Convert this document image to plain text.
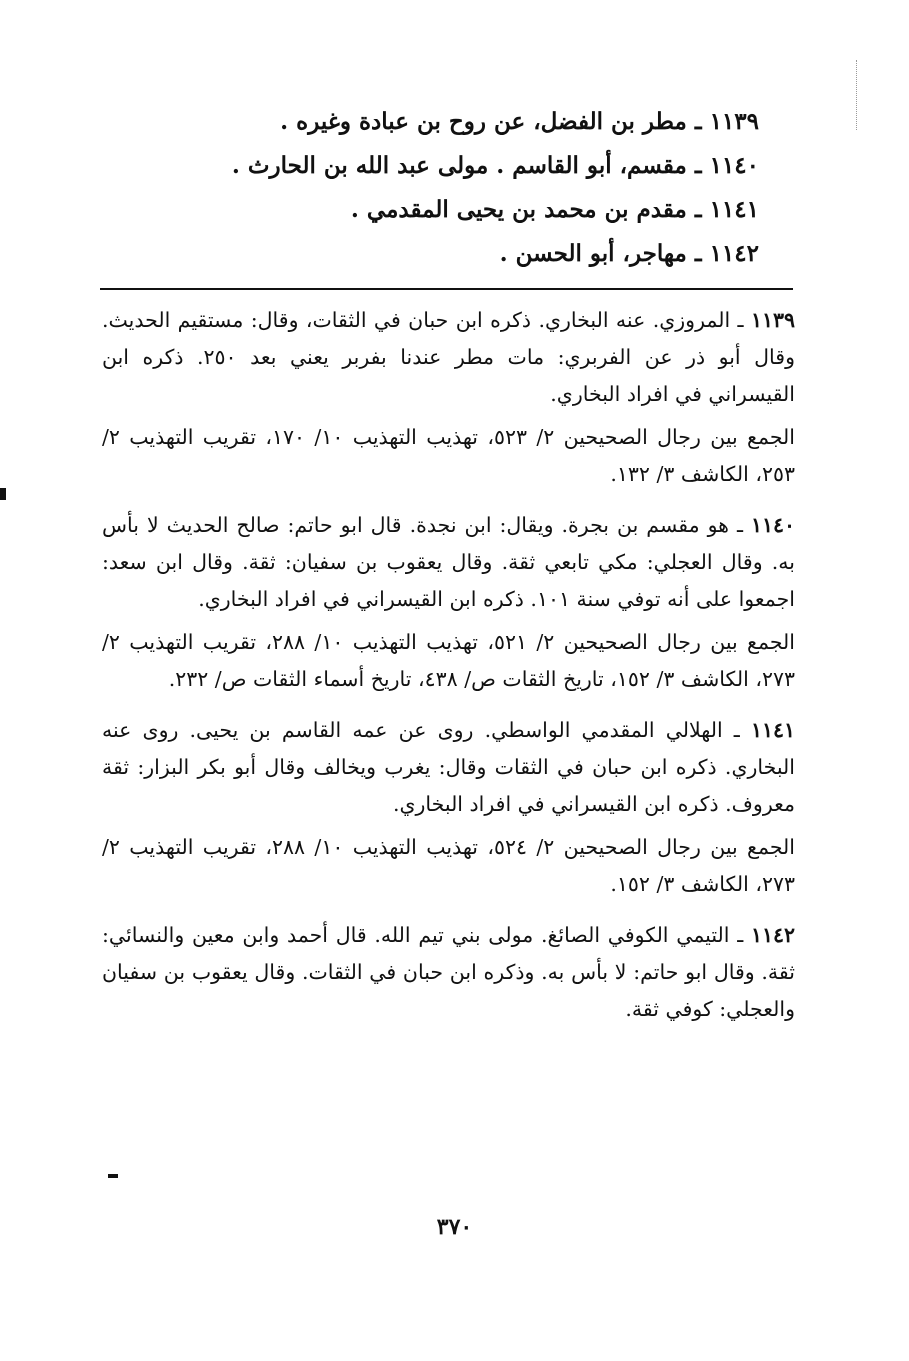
١١٣٩ ـ مطر بن الفضل، عن روح بن عبادة وغيره .
١١٤٠ ـ مقسم، أبو القاسم . مولى عبد الله بن الحارث .
١١٤١ ـ مقدم بن محمد بن يحيى المقدمي .
١١٤٢ ـ مهاجر، أبو الحسن .
١١٣٩ ـ المروزي. عنه البخاري. ذكره ابن حبان في الثقات، وقال: مستقيم الحديث. وقال أبو ذر عن الفربري: مات مطر عندنا بفربر يعني بعد ٢٥٠. ذكره ابن القيسراني في افراد البخاري.
الجمع بين رجال الصحيحين ٢/ ٥٢٣، تهذيب التهذيب ١٠/ ١٧٠، تقريب التهذيب ٢/ ٢٥٣، الكاشف ٣/ ١٣٢.
١١٤٠ ـ هو مقسم بن بجرة. ويقال: ابن نجدة. قال ابو حاتم: صالح الحديث لا بأس به. وقال العجلي: مكي تابعي ثقة. وقال يعقوب بن سفيان: ثقة. وقال ابن سعد: اجمعوا على أنه توفي سنة ١٠١. ذكره ابن القيسراني في افراد البخاري.
الجمع بين رجال الصحيحين ٢/ ٥٢١، تهذيب التهذيب ١٠/ ٢٨٨، تقريب التهذيب ٢/ ٢٧٣، الكاشف ٣/ ١٥٢، تاريخ الثقات ص/ ٤٣٨، تاريخ أسماء الثقات ص/ ٢٣٢.
١١٤١ ـ الهلالي المقدمي الواسطي. روى عن عمه القاسم بن يحيى. روى عنه البخاري. ذكره ابن حبان في الثقات وقال: يغرب ويخالف وقال أبو بكر البزار: ثقة معروف. ذكره ابن القيسراني في افراد البخاري.
الجمع بين رجال الصحيحين ٢/ ٥٢٤، تهذيب التهذيب ١٠/ ٢٨٨، تقريب التهذيب ٢/ ٢٧٣، الكاشف ٣/ ١٥٢.
١١٤٢ ـ التيمي الكوفي الصائغ. مولى بني تيم الله. قال أحمد وابن معين والنسائي: ثقة. وقال ابو حاتم: لا بأس به. وذكره ابن حبان في الثقات. وقال يعقوب بن سفيان والعجلي: كوفي ثقة.
٣٧٠
